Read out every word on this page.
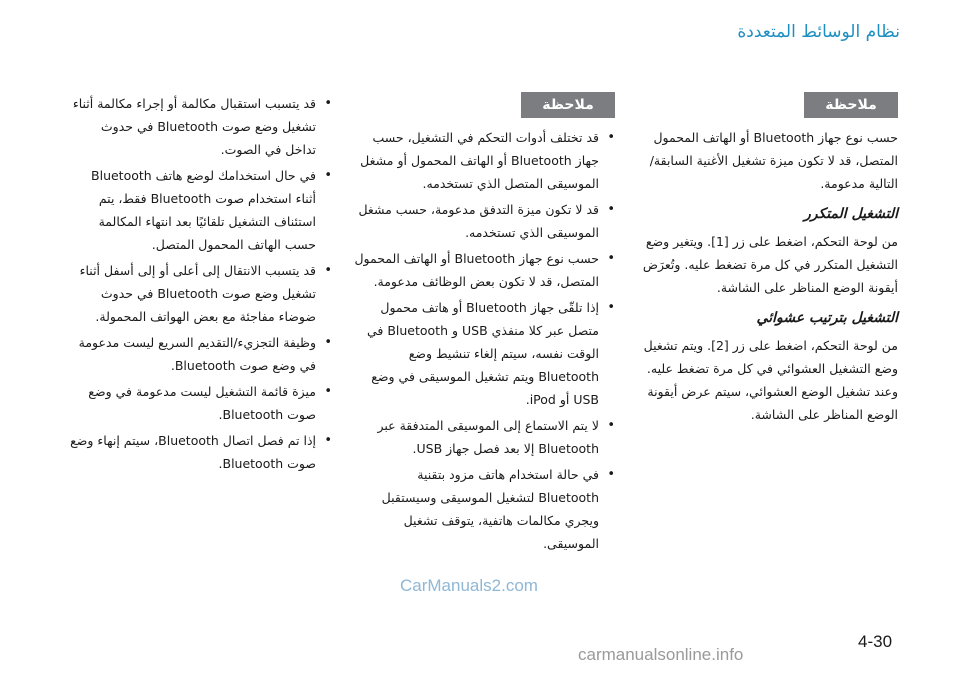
نظام الوسائط المتعددة
ملاحظة

حسب نوع جهاز Bluetooth أو الهاتف المحمول المتصل، قد لا تكون ميزة تشغيل الأغنية السابقة/ التالية مدعومة.

التشغيل المتكرر

من لوحة التحكم، اضغط على زر [1]. ويتغير وضع التشغيل المتكرر في كل مرة تضغط عليه. وتُعرَض أيقونة الوضع المناظر على الشاشة.

التشغيل بترتيب عشوائي

من لوحة التحكم، اضغط على زر [2]. ويتم تشغيل وضع التشغيل العشوائي في كل مرة تضغط عليه. وعند تشغيل الوضع العشوائي، سيتم عرض أيقونة الوضع المناظر على الشاشة.

ملاحظة
• قد تختلف أدوات التحكم في التشغيل، حسب جهاز Bluetooth أو الهاتف المحمول أو مشغل الموسيقى المتصل الذي تستخدمه.
• قد لا تكون ميزة التدفق مدعومة، حسب مشغل الموسيقى الذي تستخدمه.
• حسب نوع جهاز Bluetooth أو الهاتف المحمول المتصل، قد لا تكون بعض الوظائف مدعومة.
• إذا تلقّى جهاز Bluetooth أو هاتف محمول متصل عبر كلا منفذي USB و Bluetooth في الوقت نفسه، سيتم إلغاء تنشيط وضع Bluetooth ويتم تشغيل الموسيقى في وضع USB أو iPod.
• لا يتم الاستماع إلى الموسيقى المتدفقة عبر Bluetooth إلا بعد فصل جهاز USB.
• في حالة استخدام هاتف مزود بتقنية Bluetooth لتشغيل الموسيقى وسيستقبل ويجري مكالمات هاتفية، يتوقف تشغيل الموسيقى.
• قد يتسبب استقبال مكالمة أو إجراء مكالمة أثناء تشغيل وضع صوت Bluetooth في حدوث تداخل في الصوت.
• في حال استخدامك لوضع هاتف Bluetooth أثناء استخدام صوت Bluetooth فقط، يتم استئناف التشغيل تلقائيًا بعد انتهاء المكالمة حسب الهاتف المحمول المتصل.
• قد يتسبب الانتقال إلى أعلى أو إلى أسفل أثناء تشغيل وضع صوت Bluetooth في حدوث ضوضاء مفاجئة مع بعض الهواتف المحمولة.
• وظيفة التجزيء/التقديم السريع ليست مدعومة في وضع صوت Bluetooth.
• ميزة قائمة التشغيل ليست مدعومة في وضع صوت Bluetooth.
• إذا تم فصل اتصال Bluetooth، سيتم إنهاء وضع صوت Bluetooth.
CarManuals2.com
carmanualsonline.info
4-30
